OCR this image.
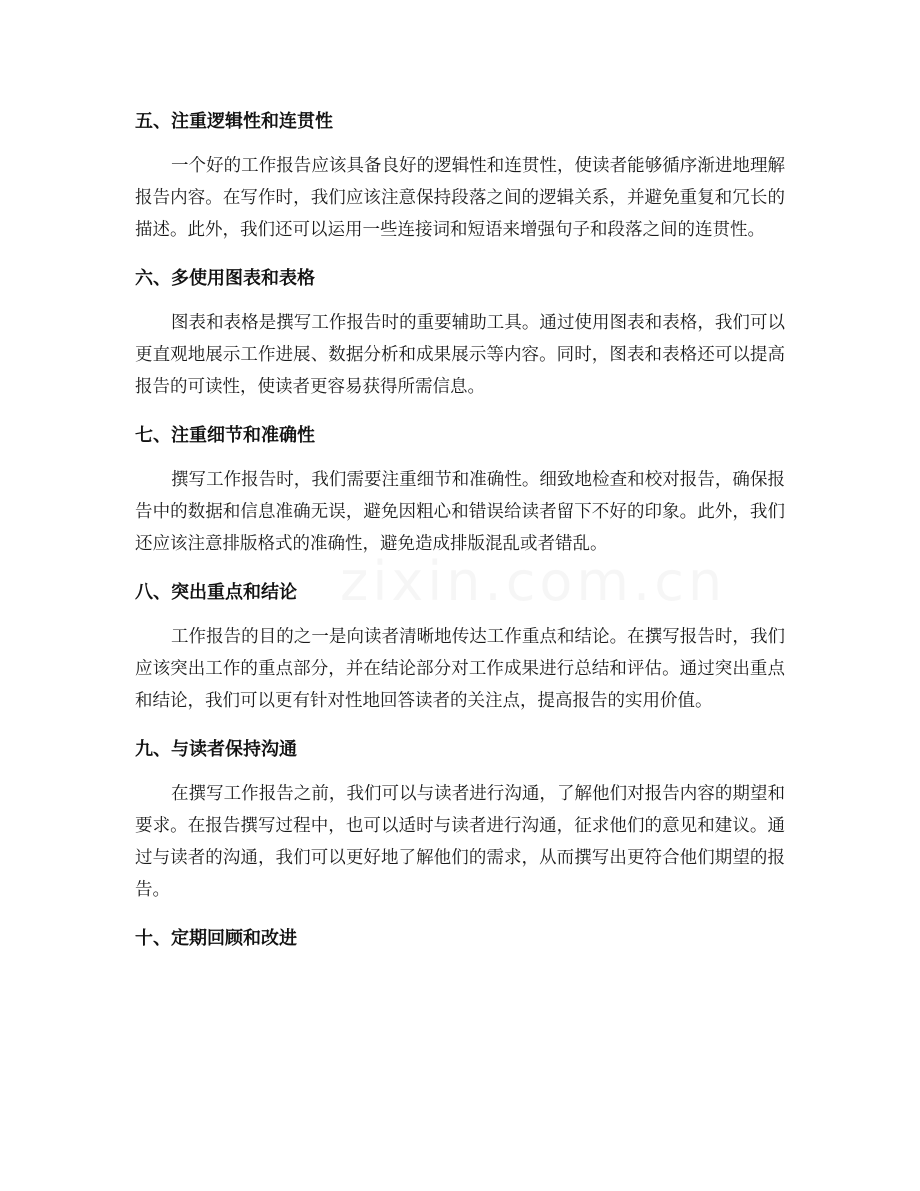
五、注重逻辑性和连贯性

一个好的工作报告应该具备良好的逻辑性和连贯性，使读者能够循序渐进地理解报告内容。在写作时，我们应该注意保持段落之间的逻辑关系，并避免重复和冗长的描述。此外，我们还可以运用一些连接词和短语来增强句子和段落之间的连贯性。

六、多使用图表和表格

图表和表格是撰写工作报告时的重要辅助工具。通过使用图表和表格，我们可以更直观地展示工作进展、数据分析和成果展示等内容。同时，图表和表格还可以提高报告的可读性，使读者更容易获得所需信息。

七、注重细节和准确性

撰写工作报告时，我们需要注重细节和准确性。细致地检查和校对报告，确保报告中的数据和信息准确无误，避免因粗心和错误给读者留下不好的印象。此外，我们还应该注意排版格式的准确性，避免造成排版混乱或者错乱。

八、突出重点和结论

工作报告的目的之一是向读者清晰地传达工作重点和结论。在撰写报告时，我们应该突出工作的重点部分，并在结论部分对工作成果进行总结和评估。通过突出重点和结论，我们可以更有针对性地回答读者的关注点，提高报告的实用价值。

九、与读者保持沟通

在撰写工作报告之前，我们可以与读者进行沟通，了解他们对报告内容的期望和要求。在报告撰写过程中，也可以适时与读者进行沟通，征求他们的意见和建议。通过与读者的沟通，我们可以更好地了解他们的需求，从而撰写出更符合他们期望的报告。

十、定期回顾和改进
